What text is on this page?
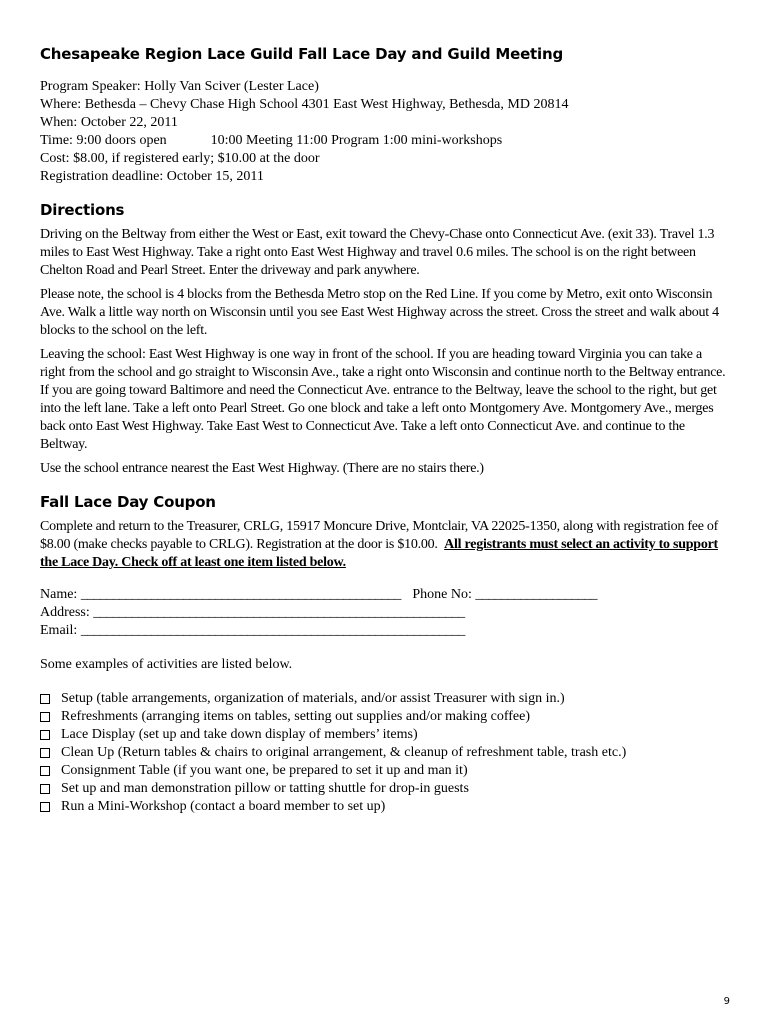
Chesapeake Region Lace Guild Fall Lace Day and Guild Meeting
Program Speaker: Holly Van Sciver (Lester Lace)
Where: Bethesda – Chevy Chase High School 4301 East West Highway, Bethesda, MD 20814
When: October 22, 2011
Time: 9:00 doors open	10:00 Meeting 11:00 Program 1:00 mini-workshops
Cost: $8.00, if registered early; $10.00 at the door
Registration deadline: October 15, 2011
Directions

Driving on the Beltway from either the West or East, exit toward the Chevy-Chase onto Connecticut Ave. (exit 33). Travel 1.3 miles to East West Highway. Take a right onto East West Highway and travel 0.6 miles. The school is on the right between Chelton Road and Pearl Street. Enter the driveway and park anywhere.

Please note, the school is 4 blocks from the Bethesda Metro stop on the Red Line. If you come by Metro, exit onto Wisconsin Ave. Walk a little way north on Wisconsin until you see East West Highway across the street. Cross the street and walk about 4 blocks to the school on the left.

Leaving the school: East West Highway is one way in front of the school. If you are heading toward Virginia you can take a right from the school and go straight to Wisconsin Ave., take a right onto Wisconsin and continue north to the Beltway entrance. If you are going toward Baltimore and need the Connecticut Ave. entrance to the Beltway, leave the school to the right, but get into the left lane. Take a left onto Pearl Street. Go one block and take a left onto Montgomery Ave. Montgomery Ave., merges back onto East West Highway. Take East West to Connecticut Ave. Take a left onto Connecticut Ave. and continue to the Beltway.

Use the school entrance nearest the East West Highway. (There are no stairs there.)

Fall Lace Day Coupon

Complete and return to the Treasurer, CRLG, 15917 Moncure Drive, Montclair, VA 22025-1350, along with registration fee of $8.00 (make checks payable to CRLG). Registration at the door is $10.00. All registrants must select an activity to support the Lace Day. Check off at least one item listed below.

Name: __________________________________________________ Phone No: ___________________
Address: __________________________________________________________
Email: ____________________________________________________________
Some examples of activities are listed below.
Setup (table arrangements, organization of materials, and/or assist Treasurer with sign in.)
Refreshments (arranging items on tables, setting out supplies and/or making coffee)
Lace Display (set up and take down display of members’ items)
Clean Up (Return tables & chairs to original arrangement, & cleanup of refreshment table, trash etc.)
Consignment Table (if you want one, be prepared to set it up and man it)
Set up and man demonstration pillow or tatting shuttle for drop-in guests
Run a Mini-Workshop (contact a board member to set up)
9
